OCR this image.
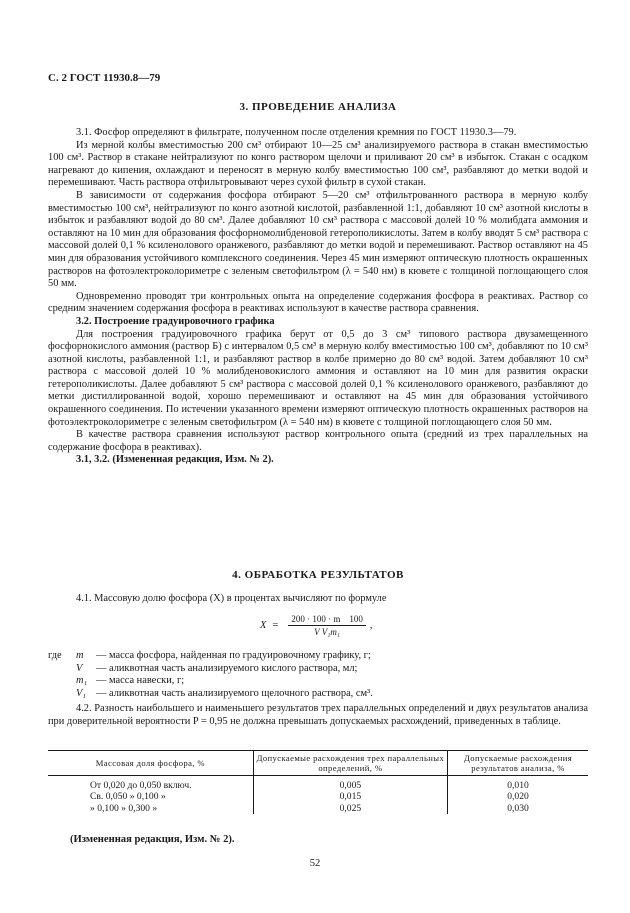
С. 2 ГОСТ 11930.8—79
3. ПРОВЕДЕНИЕ АНАЛИЗА

3.1. Фосфор определяют в фильтрате, полученном после отделения кремния по ГОСТ 11930.3—79.

Из мерной колбы вместимостью 200 см³ отбирают 10—25 см³ анализируемого раствора в стакан вместимостью 100 см³. Раствор в стакане нейтрализуют по конго раствором щелочи и приливают 20 см³ в избыток. Стакан с осадком нагревают до кипения, охлаждают и переносят в мерную колбу вместимостью 100 см³, разбавляют до метки водой и перемешивают. Часть раствора отфильтровывают через сухой фильтр в сухой стакан.

В зависимости от содержания фосфора отбирают 5—20 см³ отфильтрованного раствора в мерную колбу вместимостью 100 см³, нейтрализуют по конго азотной кислотой, разбавленной 1:1, добавляют 10 см³ азотной кислоты в избыток и разбавляют водой до 80 см³. Далее добавляют 10 см³ раствора с массовой долей 10 % молибдата аммония и оставляют на 10 мин для образования фосфорномолибденовой гетерополикислоты. Затем в колбу вводят 5 см³ раствора с массовой долей 0,1 % ксиленолового оранжевого, разбавляют до метки водой и перемешивают. Раствор оставляют на 45 мин для образования устойчивого комплексного соединения. Через 45 мин измеряют оптическую плотность окрашенных растворов на фотоэлектроколориметре с зеленым светофильтром (λ = 540 нм) в кювете с толщиной поглощающего слоя 50 мм.

Одновременно проводят три контрольных опыта на определение содержания фосфора в реактивах. Раствор со средним значением содержания фосфора в реактивах используют в качестве раствора сравнения.

3.2. Построение градуировочного графика

Для построения градуировочного графика берут от 0,5 до 3 см³ типового раствора двузамещенного фосфорнокислого аммония (раствор Б) с интервалом 0,5 см³ в мерную колбу вместимостью 100 см³, добавляют по 10 см³ азотной кислоты, разбавленной 1:1, и разбавляют раствор в колбе примерно до 80 см³ водой. Затем добавляют 10 см³ раствора с массовой долей 10 % молибденовокислого аммония и оставляют на 10 мин для развития окраски гетерополикислоты. Далее добавляют 5 см³ раствора с массовой долей 0,1 % ксиленолового оранжевого, разбавляют до метки дистиллированной водой, хорошо перемешивают и оставляют на 45 мин для образования устойчивого окрашенного соединения. По истечении указанного времени измеряют оптическую плотность окрашенных растворов на фотоэлектроколориметре с зеленым светофильтром (λ = 540 нм) в кювете с толщиной поглощающего слоя 50 мм.

В качестве раствора сравнения используют раствор контрольного опыта (средний из трех параллельных на содержание фосфора в реактивах).

3.1, 3.2. (Измененная редакция, Изм. № 2).

4. ОБРАБОТКА РЕЗУЛЬТАТОВ

4.1. Массовую долю фосфора (X) в процентах вычисляют по формуле

$X = \frac{200 \cdot 100 \cdot m 100}{\text{V V₁m₁}}$ ,
где	m	— масса фосфора, найденная по градуировочному графику, г;
V	— аликвотная часть анализируемого кислого раствора, мл;
m₁ — масса навески, г;
V₁ — аликвотная часть анализируемого щелочного раствора, см³.

4.2. Разность наибольшего и наименьшего результатов трех параллельных определений и двух результатов анализа при доверительной вероятности P = 0,95 не должна превышать допускаемых расхождений, приведенных в таблице.

Массовая доля фосфора, %	Допускаемые расхождения трех параллельных определений, %	Допускаемые расхождения результатов анализа, %
От 0,020 до 0,050 включ.	0,005	0,010
Св. 0,050 » 0,100 »	0,015	0,020
» 0,100 » 0,300 »	0,025	0,030
(Измененная редакция, Изм. № 2).
52
